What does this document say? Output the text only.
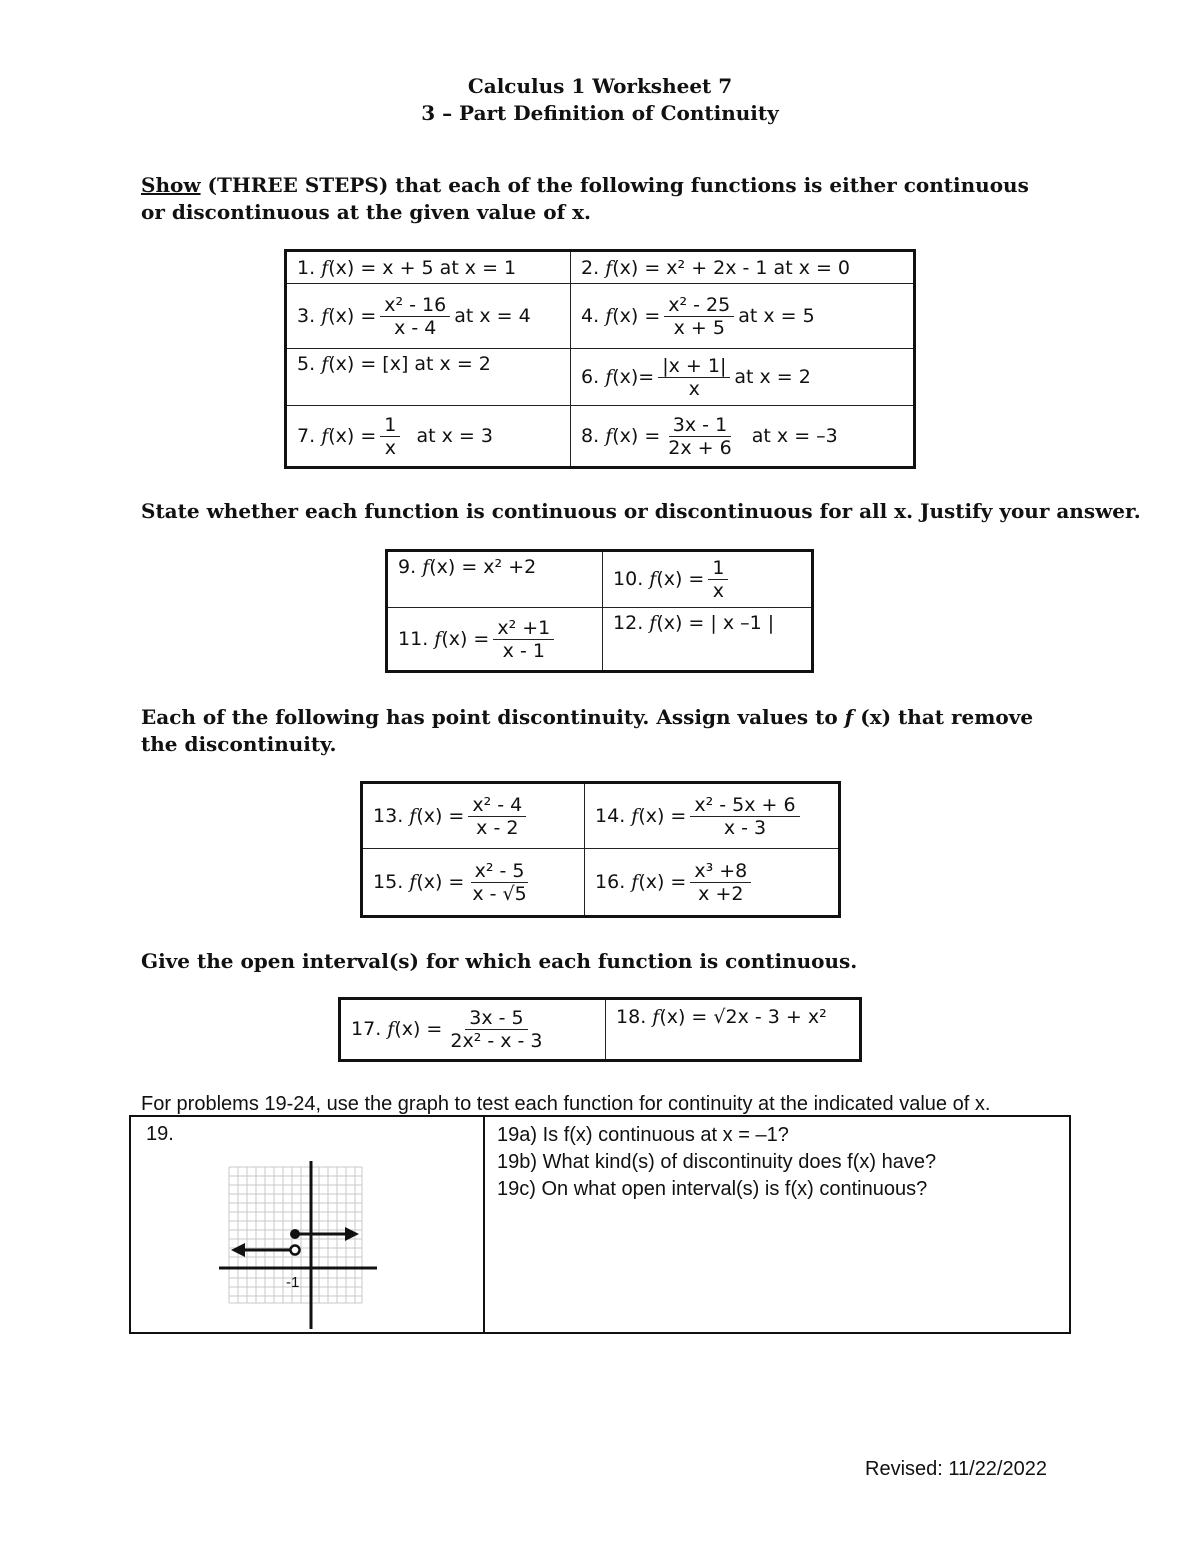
Calculus 1 Worksheet 7
3 – Part Definition of Continuity
Show (THREE STEPS) that each of the following functions is either continuous or discontinuous at the given value of x.
1. f(x) = x + 5 at x = 1	2. f(x) = x² + 2x - 1 at x = 0
3. $f(x) = \frac{\text{x² - 16}}{x - 4}$ at x = 4	4. $f(x) = \frac{\text{x² - 25}}{x + 5}$ at x = 5
5. f(x) = [x] at x = 2	6. $f(x)= \frac{|x + 1|}{x}$ at x = 2
7. $f(x) = \frac{1}{x}$ at x = 3	8. $f(x) = \frac{3x - 1}{2x + 6}$ at x = –3
State whether each function is continuous or discontinuous for all x. Justify your answer.
9. f(x) = x² +2	10. $f(x) = \frac{1}{x}$

11. $f(x) = \frac{\text{x² +1}}{x - 1}$	12. f(x) = | x –1 |
Each of the following has point discontinuity. Assign values to f (x) that remove the discontinuity.
13. $f(x) = \frac{\text{x² - 4}}{x - 2}$	14. $f(x) = \frac{\text{x² - 5x + 6}}{x - 3}$

15. $f(x) = \frac{\text{x² - 5}}{x - √5}$	16. $f(x) = \frac{\text{x³ +8}}{x +2}$
Give the open interval(s) for which each function is continuous.
17. $f(x) = \frac{3x - 5}{\text{2x² - x - 3}}$	18. f(x) = √2x - 3 + x²
For problems 19-24, use the graph to test each function for continuity at the indicated value of x.
19.
-1
19a) Is f(x) continuous at x = –1?
19b) What kind(s) of discontinuity does f(x) have?
19c) On what open interval(s) is f(x) continuous?
Revised: 11/22/2022
